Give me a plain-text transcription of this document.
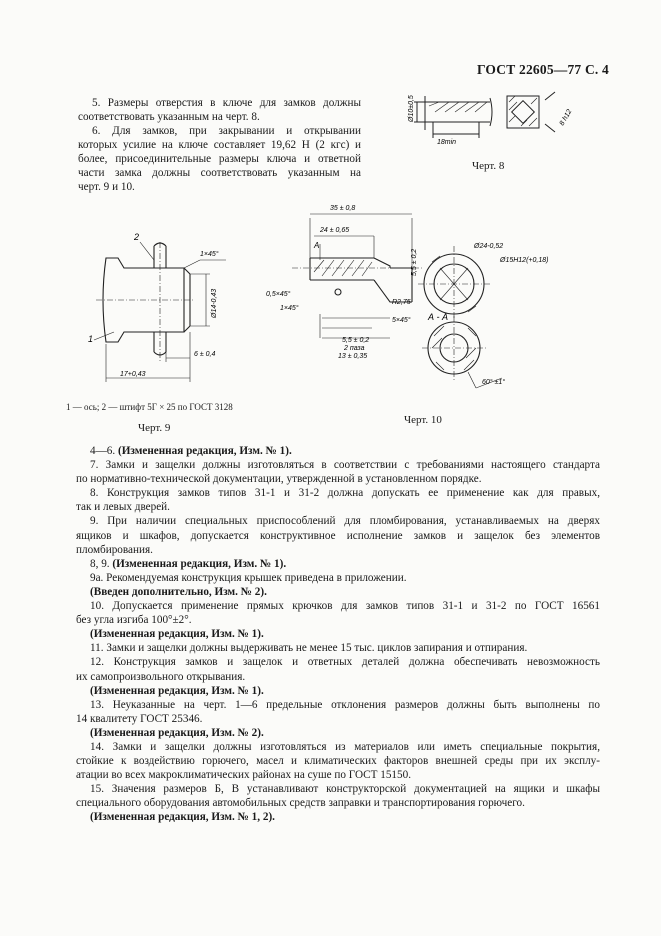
ГОСТ 22605—77 С. 4
5. Размеры отверстия в ключе для замков должны
соответствовать указанным на черт. 8.
6. Для замков, при закрывании и открывании
которых усилие на ключе составляет 19,62 Н (2 кгс) и
более, присоединительные размеры ключа и ответной
части замка должны соответствовать указанным на
черт. 9 и 10.
Ø10±0,5
18min
8 h12
Черт. 8
1×45°
Ø14-0,43
6 ± 0,4
17+0,43
1
2
1 — ось; 2 — штифт 5Г × 25 по ГОСТ 3128
Черт. 9
35 ± 0,8
24 ± 0,65
A
0,5×45°
1×45°
R2,75
5×45°
5,5 ± 0,2
2 паза
13 ± 0,35
Ø24-0,52
Ø15H12(+0,18)
5,5 ± 0,2
А - А
60° ±1°
Черт. 10
4—6. (Измененная редакция, Изм. № 1).
7. Замки и защелки должны изготовляться в соответствии с требованиями настоящего стандарта
по нормативно-технической документации, утвержденной в установленном порядке.
8. Конструкция замков типов 31-1 и 31-2 должна допускать ее применение как для правых,
так и левых дверей.
9. При наличии специальных приспособлений для пломбирования, устанавливаемых на дверях
ящиков и шкафов, допускается конструктивное исполнение замков и защелок без элементов
пломбирования.
8, 9. (Измененная редакция, Изм. № 1).
9а. Рекомендуемая конструкция крышек приведена в приложении.
(Введен дополнительно, Изм. № 2).
10. Допускается применение прямых крючков для замков типов 31-1 и 31-2 по ГОСТ 16561
без угла изгиба 100°±2°.
(Измененная редакция, Изм. № 1).
11. Замки и защелки должны выдерживать не менее 15 тыс. циклов запирания и отпирания.
12. Конструкция замков и защелок и ответных деталей должна обеспечивать невозможность
их самопроизвольного открывания.
(Измененная редакция, Изм. № 1).
13. Неуказанные на черт. 1—6 предельные отклонения размеров должны быть выполнены по
14 квалитету ГОСТ 25346.
(Измененная редакция, Изм. № 2).
14. Замки и защелки должны изготовляться из материалов или иметь специальные покрытия,
стойкие к воздействию горючего, масел и климатических факторов внешней среды при их эксплу-
атации во всех макроклиматических районах на суше по ГОСТ 15150.
15. Значения размеров Б, В устанавливают конструкторской документацией на ящики и шкафы
специального оборудования автомобильных средств заправки и транспортирования горючего.
(Измененная редакция, Изм. № 1, 2).
